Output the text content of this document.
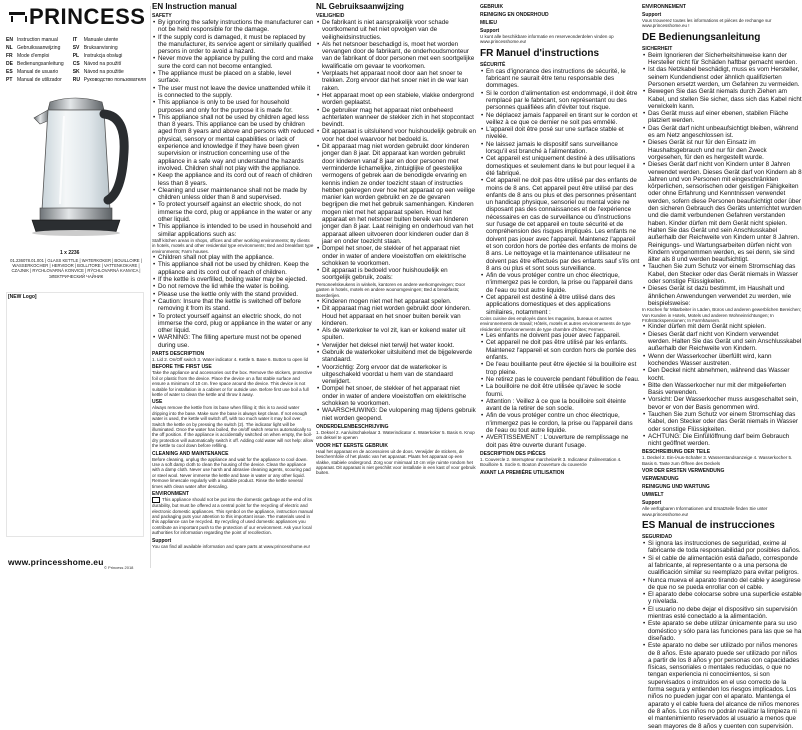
PRINCESS
EN Instruction manual	IT Manuale utente
NL Gebruiksaanwijzing	SV Bruksanvisning
FR Mode d'emploi	PL Instrukcja obsługi
DE Bedienungsanleitung	CS Návod na použití
ES Manual de usuario	SK Návod na použitie
PT Manual de utilizador	RU Руководство пользователя
1 x 2236
01.236078.01.001 | GLASS KETTLE | WATERKOKER | BOUILLOIRE | WASSERKOCHER | HERVIDOR | BOLLITORE | VATTENKOKARE | CZAJNIK | RYCHLOVARNÁ KONVICE | RÝCHLOVARNÁ KANVICA | ЭЛЕКТРИЧЕСКИЙ ЧАЙНИК
[NEW Logo]
www.princesshome.eu
© Princess 2018
EN Instruction manual
SAFETY
• By ignoring the safety instructions the manufacturer can not be held responsible for the damage.
• If the supply cord is damaged, it must be replaced by the manufacturer, its service agent or similarly qualified persons in order to avoid a hazard.
• Never move the appliance by pulling the cord and make sure the cord can not become entangled.
• The appliance must be placed on a stable, level surface.
• The user must not leave the device unattended while it is connected to the supply.
• This appliance is only to be used for household purposes and only for the purpose it is made for.
• This appliance shall not be used by children aged less than 8 years. This appliance can be used by children aged from 8 years and above and persons with reduced physical, sensory or mental capabilities or lack of experience and knowledge if they have been given supervision or instruction concerning use of the appliance in a safe way and understand the hazards involved. Children shall not play with the appliance.
• Keep the appliance and its cord out of reach of children less than 8 years.
• Cleaning and user maintenance shall not be made by children unless older than 8 and supervised.
• To protect yourself against an electric shock, do not immerse the cord, plug or appliance in the water or any other liquid.
• This appliance is intended to be used in household and similar applications such as:
Staff kitchen areas in shops, offices and other working environments; By clients in hotels, motels and other residential type environments; Bed and breakfast type environments; Farm houses.
• Children shall not play with the appliance.
• This appliance shall not be used by children. Keep the appliance and its cord out of reach of children.
• If the kettle is overfilled, boiling water may be ejected.
• Do not remove the lid while the water is boiling.
• Please use the kettle only with the stand provided.
• Caution: Insure that the kettle is switched off before removing it from its stand.
• To protect yourself against an electric shock, do not immerse the cord, plug or appliance in the water or any other liquid.
• WARNING: The filling aperture must not be opened during use.
PARTS DESCRIPTION
1. Lid 2. On/Off switch 3. Water indicator 4. Kettle 5. Base 6. Button to open lid
BEFORE THE FIRST USE
Take the appliance and accessories out the box. Remove the stickers, protective foil or plastic from the device. Place the device on a flat stable surface and ensure a minimum of 10 cm. free space around the device. This device is not suitable for installation in a cabinet or for outside use. Before first use boil a full kettle of water to clean the kettle and throw it away.
USE
Always remove the kettle from its base when filling it; this is to avoid water dripping into the base. Make sure the base is always kept clean. If not enough water is used, the kettle will switch off, with too much water it may boil over. Switch the kettle on by pressing the switch (2). The indicator light will be illuminated. Once the water has boiled, the on/off switch returns automatically to the off position. If the appliance is accidentally switched on when empty, the boil-dry protection will automatically switch it off. Adding cold water will not help: allow the kettle to cool down before refilling.
CLEANING AND MAINTENANCE
Before cleaning, unplug the appliance and wait for the appliance to cool down. Use a soft damp cloth to clean the housing of the device. Clean the appliance with a damp cloth. Never use harsh and abrasive cleaning agents, scouring pad or steel wool. Never immerse the kettle and base in water or any other liquid. Remove limescale regularly with a suitable product. Rinse the kettle several times with clean water after descaling.
ENVIRONMENT
This appliance should not be put into the domestic garbage at the end of its durability, but must be offered at a central point for the recycling of electric and electronic domestic appliances. This symbol on the appliance, instruction manual and packaging puts your attention to this important issue. The materials used in this appliance can be recycled. By recycling of used domestic appliances you contribute an important push to the protection of our environment. Ask your local authorities for information regarding the point of recollection.
Support
You can find all available information and spare parts at www.princesshome.eu!
NL Gebruiksaanwijzing
VEILIGHEID
• De fabrikant is niet aansprakelijk voor schade voortkomend uit het niet opvolgen van de veiligheidsinstructies.
• Als het netsnoer beschadigd is, moet het worden vervangen door de fabrikant, de onderhoudsmonteur van de fabrikant of door personen met een soortgelijke kwalificatie om gevaar te voorkomen.
• Verplaats het apparaat nooit door aan het snoer te trekken. Zorg ervoor dat het snoer niet in de war kan raken.
• Het apparaat moet op een stabiele, vlakke ondergrond worden geplaatst.
• De gebruiker mag het apparaat niet onbeheerd achterlaten wanneer de stekker zich in het stopcontact bevindt.
• Dit apparaat is uitsluitend voor huishoudelijk gebruik en voor het doel waarvoor het bedoeld is.
• Dit apparaat mag niet worden gebruikt door kinderen jonger dan 8 jaar. Dit apparaat kan worden gebruikt door kinderen vanaf 8 jaar en door personen met verminderde lichamelijke, zintuiglijke of geestelijke vermogens of gebrek aan de benodigde ervaring en kennis indien ze onder toezicht staan of instructies hebben gekregen over hoe het apparaat op een veilige manier kan worden gebruikt en ze de gevaren begrijpen die met het gebruik samenhangen. Kinderen mogen niet met het apparaat spelen. Houd het apparaat en het netsnoer buiten bereik van kinderen jonger dan 8 jaar. Laat reiniging en onderhoud van het apparaat alleen uitvoeren door kinderen ouder dan 8 jaar en onder toezicht staan.
• Dompel het snoer, de stekker of het apparaat niet onder in water of andere vloeistoffen om elektrische schokken te voorkomen.
• Dit apparaat is bedoeld voor huishoudelijk en soortgelijk gebruik, zoals:
Personeelskeukens in winkels, kantoren en andere werkomgevingen; Door gasten in hotels, motels en andere woonomgevingen; Bed & breakfasts; Boerderijen.
• Kinderen mogen niet met het apparaat spelen.
• Dit apparaat mag niet worden gebruikt door kinderen. Houd het apparaat en het snoer buiten bereik van kinderen.
• Als de waterkoker te vol zit, kan er kokend water uit spuiten.
• Verwijder het deksel niet terwijl het water kookt.
• Gebruik de waterkoker uitsluitend met de bijgeleverde standaard.
• Voorzichtig: Zorg ervoor dat de waterkoker is uitgeschakeld voordat u hem van de standaard verwijdert.
• Dompel het snoer, de stekker of het apparaat niet onder in water of andere vloeistoffen om elektrische schokken te voorkomen.
• WAARSCHUWING: De vulopening mag tijdens gebruik niet worden geopend.
ONDERDELENBESCHRIJVING
1. Deksel 2. Aan/uitschakelaar 3. Waterindicator 4. Waterkoker 5. Basis 6. Knop om deksel te openen
VOOR HET EERSTE GEBRUIK
Haal het apparaat en de accessoires uit de doos. Verwijder de stickers, de beschermfolie of het plastic van het apparaat. Plaats het apparaat op een vlakke, stabiele ondergrond. Zorg voor minimaal 10 cm vrije ruimte rondom het apparaat. Dit apparaat is niet geschikt voor installatie in een kast of voor gebruik buiten.
GEBRUIK
REINIGING EN ONDERHOUD
MILIEU
Support
U kunt alle beschikbare informatie en reserveonderdelen vinden op www.princesshome.eu!
FR Manuel d'instructions
SÉCURITÉ
• En cas d'ignorance des instructions de sécurité, le fabricant ne saurait être tenu responsable des dommages.
• Si le cordon d'alimentation est endommagé, il doit être remplacé par le fabricant, son représentant ou des personnes qualifiées afin d'éviter tout risque.
• Ne déplacez jamais l'appareil en tirant sur le cordon et veillez à ce que ce dernier ne soit pas emmêlé.
• L'appareil doit être posé sur une surface stable et nivelée.
• Ne laissez jamais le dispositif sans surveillance lorsqu'il est branché à l'alimentation.
• Cet appareil est uniquement destiné à des utilisations domestiques et seulement dans le but pour lequel il a été fabriqué.
• Cet appareil ne doit pas être utilisé par des enfants de moins de 8 ans. Cet appareil peut être utilisé par des enfants de 8 ans ou plus et des personnes présentant un handicap physique, sensoriel ou mental voire ne disposant pas des connaissances et de l'expérience nécessaires en cas de surveillance ou d'instructions sur l'usage de cet appareil en toute sécurité et de compréhension des risques impliqués. Les enfants ne doivent pas jouer avec l'appareil. Maintenez l'appareil et son cordon hors de portée des enfants de moins de 8 ans. Le nettoyage et la maintenance utilisateur ne doivent pas être effectués par des enfants sauf s'ils ont 8 ans ou plus et sont sous surveillance.
• Afin de vous protéger contre un choc électrique, n'immergez pas le cordon, la prise ou l'appareil dans de l'eau ou tout autre liquide.
• Cet appareil est destiné à être utilisé dans des applications domestiques et des applications similaires, notamment :
Coins cuisine des employés dans les magasins, bureaux et autres environnements de travail; Hôtels, motels et autres environnements de type résidentiel; Environnements de type chambre d'hôtes; Fermes.
• Les enfants ne doivent pas jouer avec l'appareil.
• Cet appareil ne doit pas être utilisé par les enfants. Maintenez l'appareil et son cordon hors de portée des enfants.
• De l'eau bouillante peut être éjectée si la bouilloire est trop pleine.
• Ne retirez pas le couvercle pendant l'ébullition de l'eau.
• La bouilloire ne doit être utilisée qu'avec le socle fourni.
• Attention : Veillez à ce que la bouilloire soit éteinte avant de la retirer de son socle.
• Afin de vous protéger contre un choc électrique, n'immergez pas le cordon, la prise ou l'appareil dans de l'eau ou tout autre liquide.
• AVERTISSEMENT : L'ouverture de remplissage ne doit pas être ouverte durant l'usage.
DESCRIPTION DES PIÈCES
1. Couvercle 2. Interrupteur marche/arrêt 3. Indicateur d'alimentation 4. Bouilloire 5. Socle 6. Bouton d'ouverture du couvercle
AVANT LA PREMIÈRE UTILISATION
ENVIRONNEMENT
Support
Vous trouverez toutes les informations et pièces de rechange sur www.princesshome.eu !
DE Bedienungsanleitung
SICHERHEIT
• Beim Ignorieren der Sicherheitshinweise kann der Hersteller nicht für Schäden haftbar gemacht werden.
• Ist das Netzkabel beschädigt, muss es vom Hersteller, seinem Kundendienst oder ähnlich qualifizierten Personen ersetzt werden, um Gefahren zu vermeiden.
• Bewegen Sie das Gerät niemals durch Ziehen am Kabel, und stellen Sie sicher, dass sich das Kabel nicht verwickeln kann.
• Das Gerät muss auf einer ebenen, stabilen Fläche platziert werden.
• Das Gerät darf nicht unbeaufsichtigt bleiben, während es am Netz angeschlossen ist.
• Dieses Gerät ist nur für den Einsatz im Haushaltsgebrauch und nur für den Zweck vorgesehen, für den es hergestellt wurde.
• Dieses Gerät darf nicht von Kindern unter 8 Jahren verwendet werden. Dieses Gerät darf von Kindern ab 8 Jahren und von Personen mit eingeschränkten körperlichen, sensorischen oder geistigen Fähigkeiten oder ohne Erfahrung und Kenntnissen verwendet werden, sofern diese Personen beaufsichtigt oder über den sicheren Gebrauch des Geräts unterrichtet wurden und die damit verbundenen Gefahren verstanden haben. Kinder dürfen mit dem Gerät nicht spielen. Halten Sie das Gerät und sein Anschlusskabel außerhalb der Reichweite von Kindern unter 8 Jahren. Reinigungs- und Wartungsarbeiten dürfen nicht von Kindern vorgenommen werden, es sei denn, sie sind älter als 8 und werden beaufsichtigt.
• Tauchen Sie zum Schutz vor einem Stromschlag das Kabel, den Stecker oder das Gerät niemals in Wasser oder sonstige Flüssigkeiten.
• Dieses Gerät ist dazu bestimmt, im Haushalt und ähnlichen Anwendungen verwendet zu werden, wie beispielsweise:
In Küchen für Mitarbeiter in Läden, Büros und anderen gewerblichen Bereichen; Von Kunden in Hotels, Motels und anderen Wohneinrichtungen; In Frühstückspensionen; In Farmhäusern.
• Kinder dürfen mit dem Gerät nicht spielen.
• Dieses Gerät darf nicht von Kindern verwendet werden. Halten Sie das Gerät und sein Anschlusskabel außerhalb der Reichweite von Kindern.
• Wenn der Wasserkocher überfüllt wird, kann kochendes Wasser austreten.
• Den Deckel nicht abnehmen, während das Wasser kocht.
• Bitte den Wasserkocher nur mit der mitgelieferten Basis verwenden.
• Vorsicht: Der Wasserkocher muss ausgeschaltet sein, bevor er von der Basis genommen wird.
• Tauchen Sie zum Schutz vor einem Stromschlag das Kabel, den Stecker oder das Gerät niemals in Wasser oder sonstige Flüssigkeiten.
• ACHTUNG: Die Einfüllöffnung darf beim Gebrauch nicht geöffnet werden.
BESCHREIBUNG DER TEILE
1. Deckel 2. Ein-/Aus-Schalter 3. Wasserstandsanzeige 4. Wasserkocher 5. Basis 6. Taste zum Öffnen des Deckels
VOR DER ERSTEN VERWENDUNG
VERWENDUNG
REINIGUNG UND WARTUNG
UMWELT
Support
Alle verfügbaren Informationen und Ersatzteile finden Sie unter www.princesshome.eu!
ES Manual de instrucciones
SEGURIDAD
• Si ignora las instrucciones de seguridad, exime al fabricante de toda responsabilidad por posibles daños.
• Si el cable de alimentación está dañado, corresponde al fabricante, al representante o a una persona de cualificación similar su reemplazo para evitar peligros.
• Nunca mueva el aparato tirando del cable y asegúrese de que no se pueda enrollar con el cable.
• El aparato debe colocarse sobre una superficie estable y nivelada.
• El usuario no debe dejar el dispositivo sin supervisión mientras esté conectado a la alimentación.
• Este aparato se debe utilizar únicamente para su uso doméstico y sólo para las funciones para las que se ha diseñado.
• Este aparato no debe ser utilizado por niños menores de 8 años. Este aparato puede ser utilizado por niños a partir de los 8 años y por personas con capacidades físicas, sensoriales o mentales reducidas, o que no tengan experiencia ni conocimientos, si son supervisados o instruidos en el uso correcto de la forma segura y entienden los riesgos implicados. Los niños no pueden jugar con el aparato. Mantenga el aparato y el cable fuera del alcance de niños menores de 8 años. Los niños no podrán realizar la limpieza ni el mantenimiento reservados al usuario a menos que sean mayores de 8 años y cuenten con supervisión.
